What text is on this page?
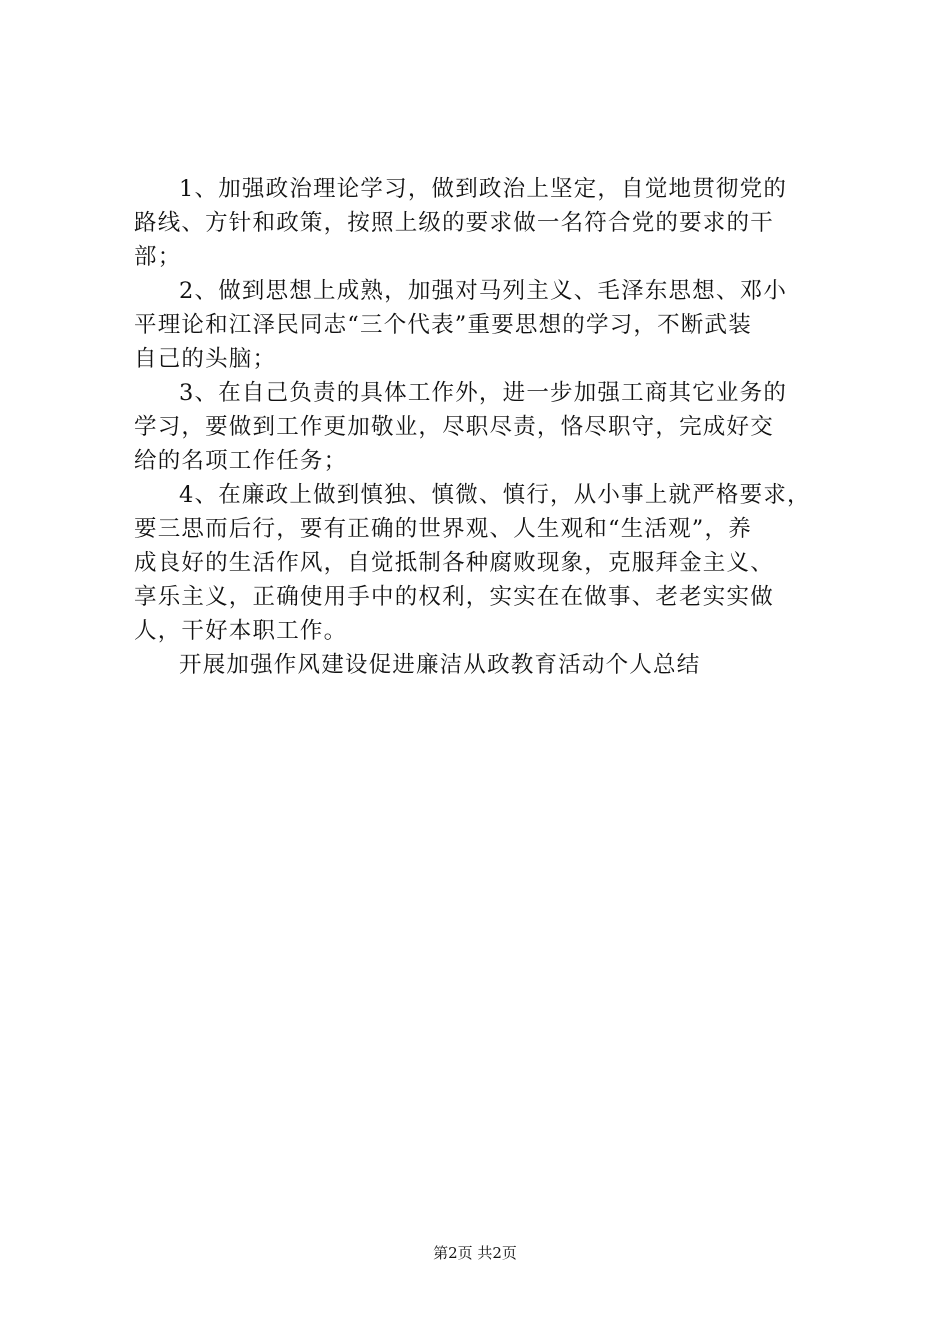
1、加强政治理论学习，做到政治上坚定，自觉地贯彻党的
路线、方针和政策，按照上级的要求做一名符合党的要求的干
部；
2、做到思想上成熟，加强对马列主义、毛泽东思想、邓小
平理论和江泽民同志“三个代表”重要思想的学习，不断武装
自己的头脑；
3、在自己负责的具体工作外，进一步加强工商其它业务的
学习，要做到工作更加敬业，尽职尽责，恪尽职守，完成好交
给的名项工作任务；
4、在廉政上做到慎独、慎微、慎行，从小事上就严格要求，
要三思而后行，要有正确的世界观、人生观和“生活观”，养
成良好的生活作风，自觉抵制各种腐败现象，克服拜金主义、
享乐主义，正确使用手中的权利，实实在在做事、老老实实做
人，干好本职工作。
开展加强作风建设促进廉洁从政教育活动个人总结
第2页 共2页
